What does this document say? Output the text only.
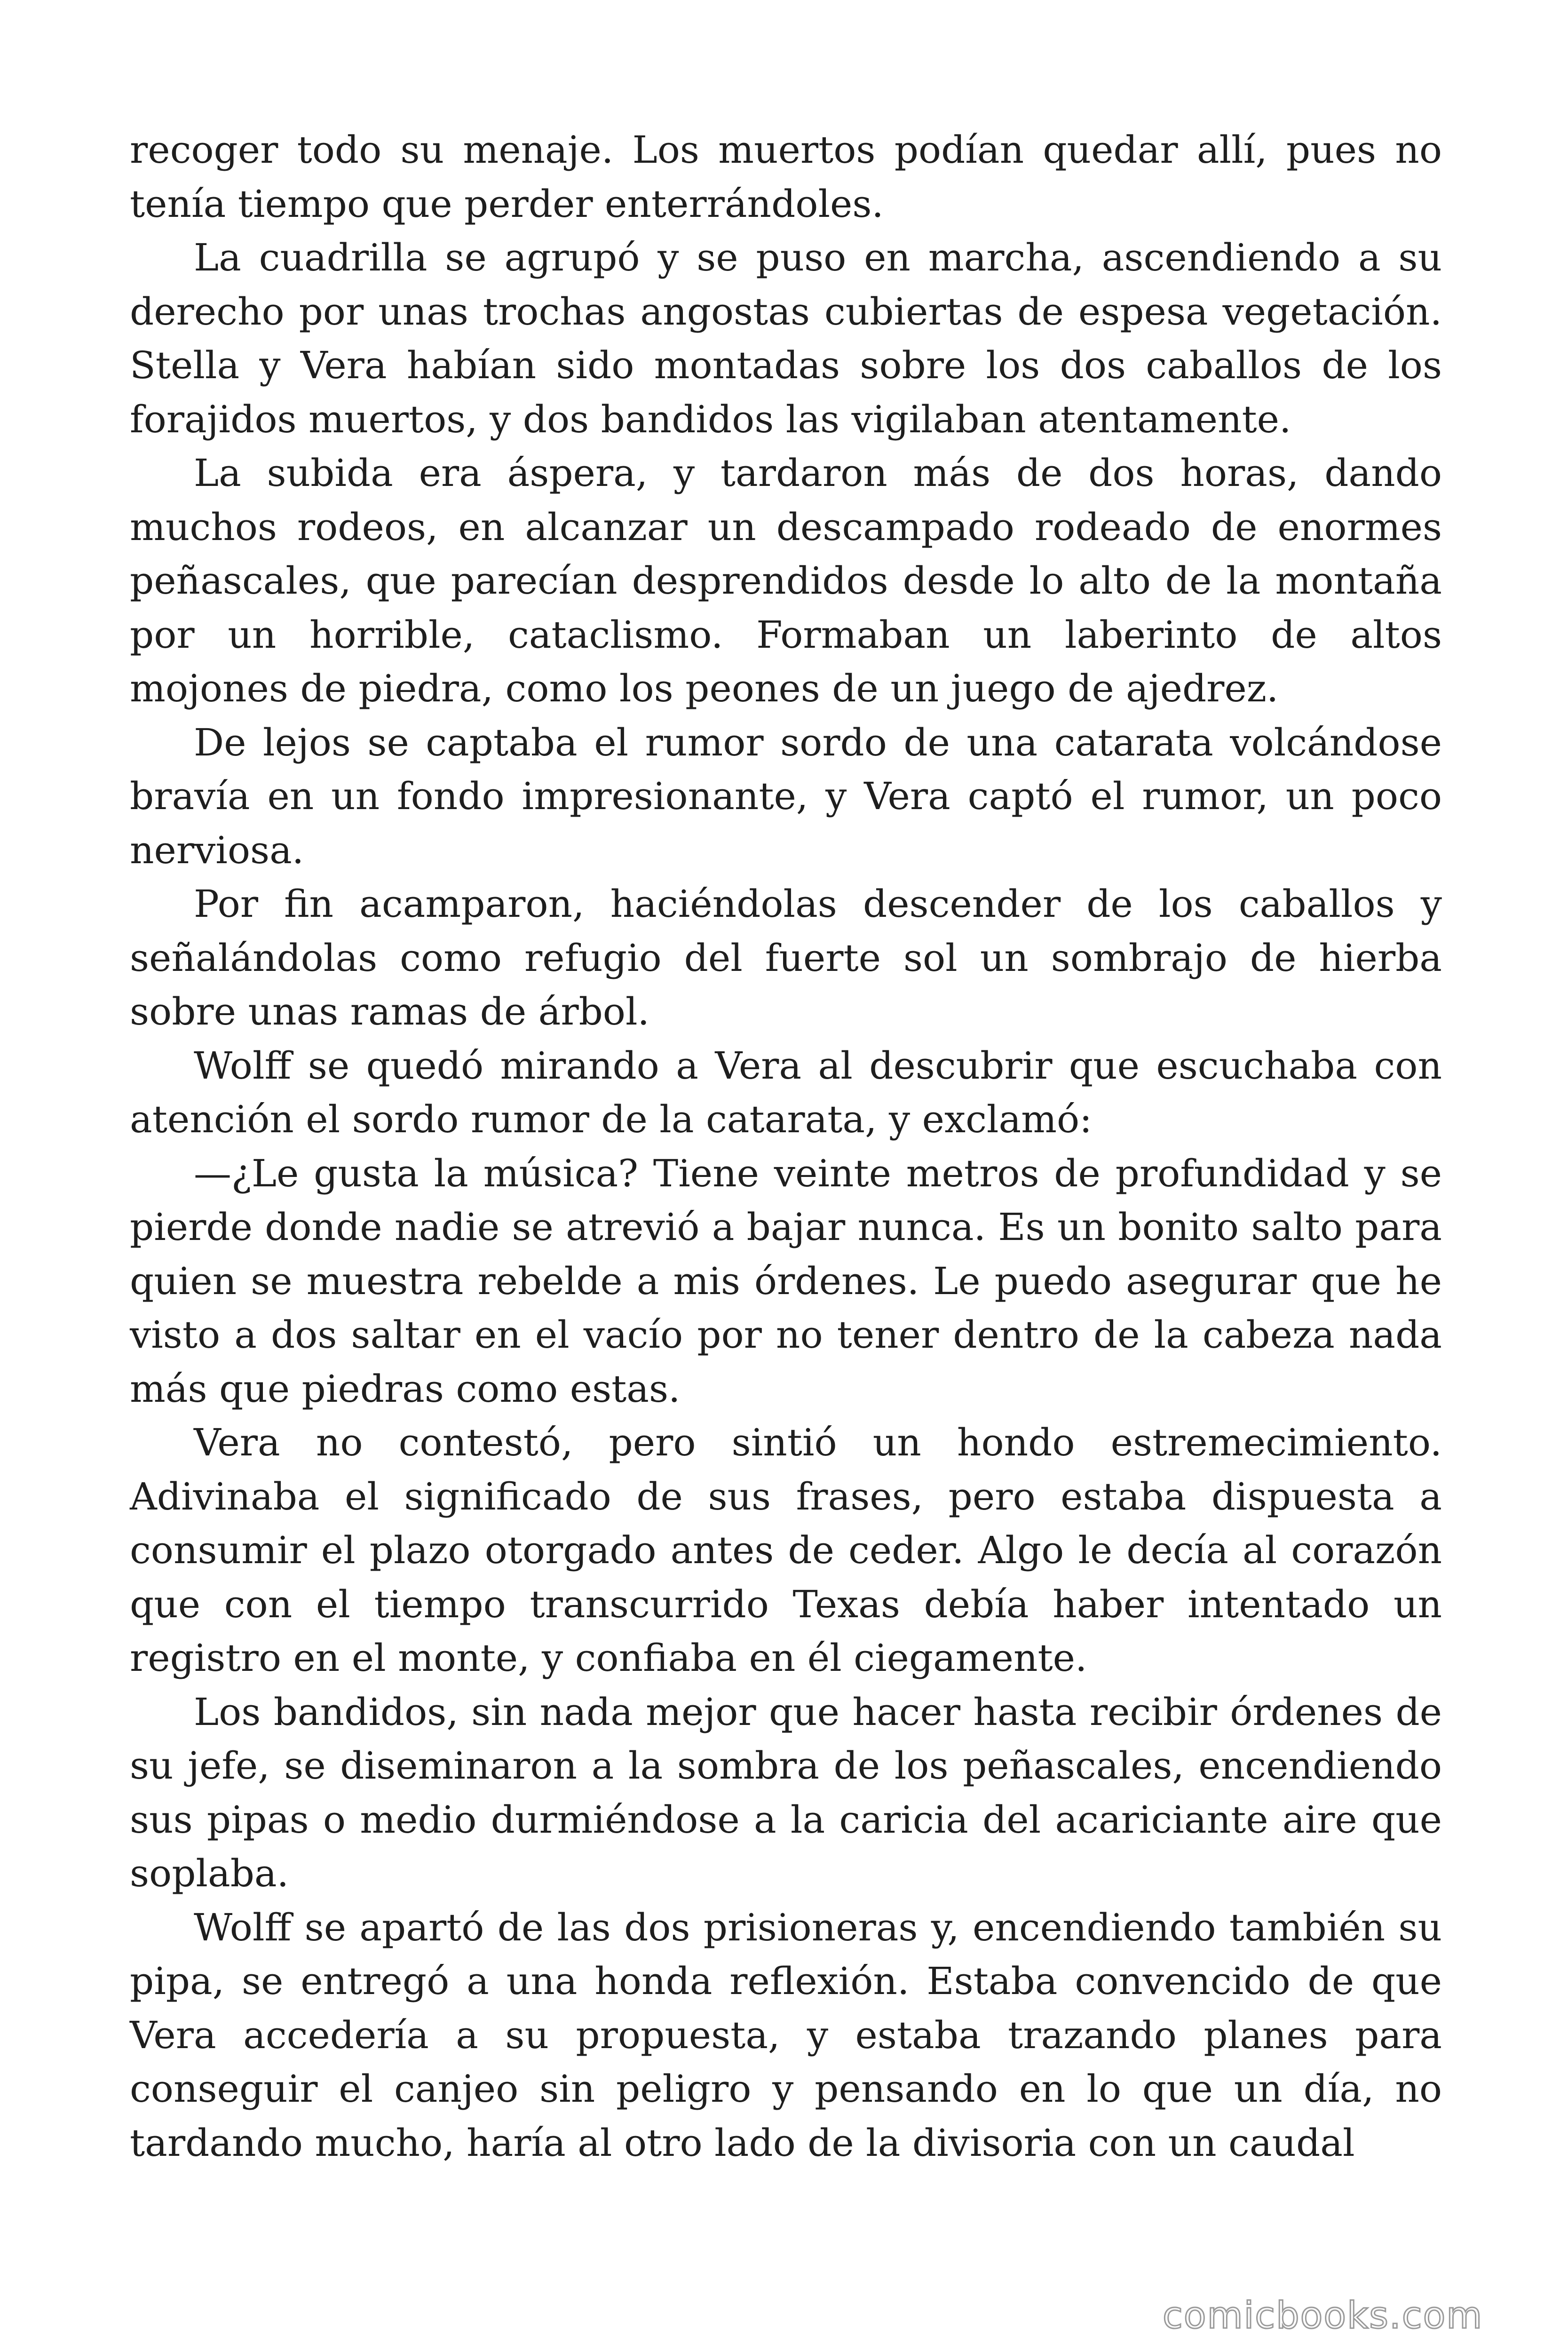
recoger todo su menaje. Los muertos podían quedar allí, pues no tenía tiempo que perder enterrándoles.

La cuadrilla se agrupó y se puso en marcha, ascendiendo a su derecho por unas trochas angostas cubiertas de espesa vegetación. Stella y Vera habían sido montadas sobre los dos caballos de los forajidos muertos, y dos bandidos las vigilaban atentamente.

La subida era áspera, y tardaron más de dos horas, dando muchos rodeos, en alcanzar un descampado rodeado de enormes peñascales, que parecían desprendidos desde lo alto de la montaña por un horrible, cataclismo. Formaban un laberinto de altos mojones de piedra, como los peones de un juego de ajedrez.

De lejos se captaba el rumor sordo de una catarata volcándose bravía en un fondo impresionante, y Vera captó el rumor, un poco nerviosa.

Por fin acamparon, haciéndolas descender de los caballos y señalándolas como refugio del fuerte sol un sombrajo de hierba sobre unas ramas de árbol.

Wolff se quedó mirando a Vera al descubrir que escuchaba con atención el sordo rumor de la catarata, y exclamó:

—¿Le gusta la música? Tiene veinte metros de profundidad y se pierde donde nadie se atrevió a bajar nunca. Es un bonito salto para quien se muestra rebelde a mis órdenes. Le puedo asegurar que he visto a dos saltar en el vacío por no tener dentro de la cabeza nada más que piedras como estas.

Vera no contestó, pero sintió un hondo estremecimiento. Adivinaba el significado de sus frases, pero estaba dispuesta a consumir el plazo otorgado antes de ceder. Algo le decía al corazón que con el tiempo transcurrido Texas debía haber intentado un registro en el monte, y confiaba en él ciegamente.

Los bandidos, sin nada mejor que hacer hasta recibir órdenes de su jefe, se diseminaron a la sombra de los peñascales, encendiendo sus pipas o medio durmiéndose a la caricia del acariciante aire que soplaba.

Wolff se apartó de las dos prisioneras y, encendiendo también su pipa, se entregó a una honda reflexión. Estaba convencido de que Vera accedería a su propuesta, y estaba trazando planes para conseguir el canjeo sin peligro y pensando en lo que un día, no tardando mucho, haría al otro lado de la divisoria con un caudal

comicbooks.com
